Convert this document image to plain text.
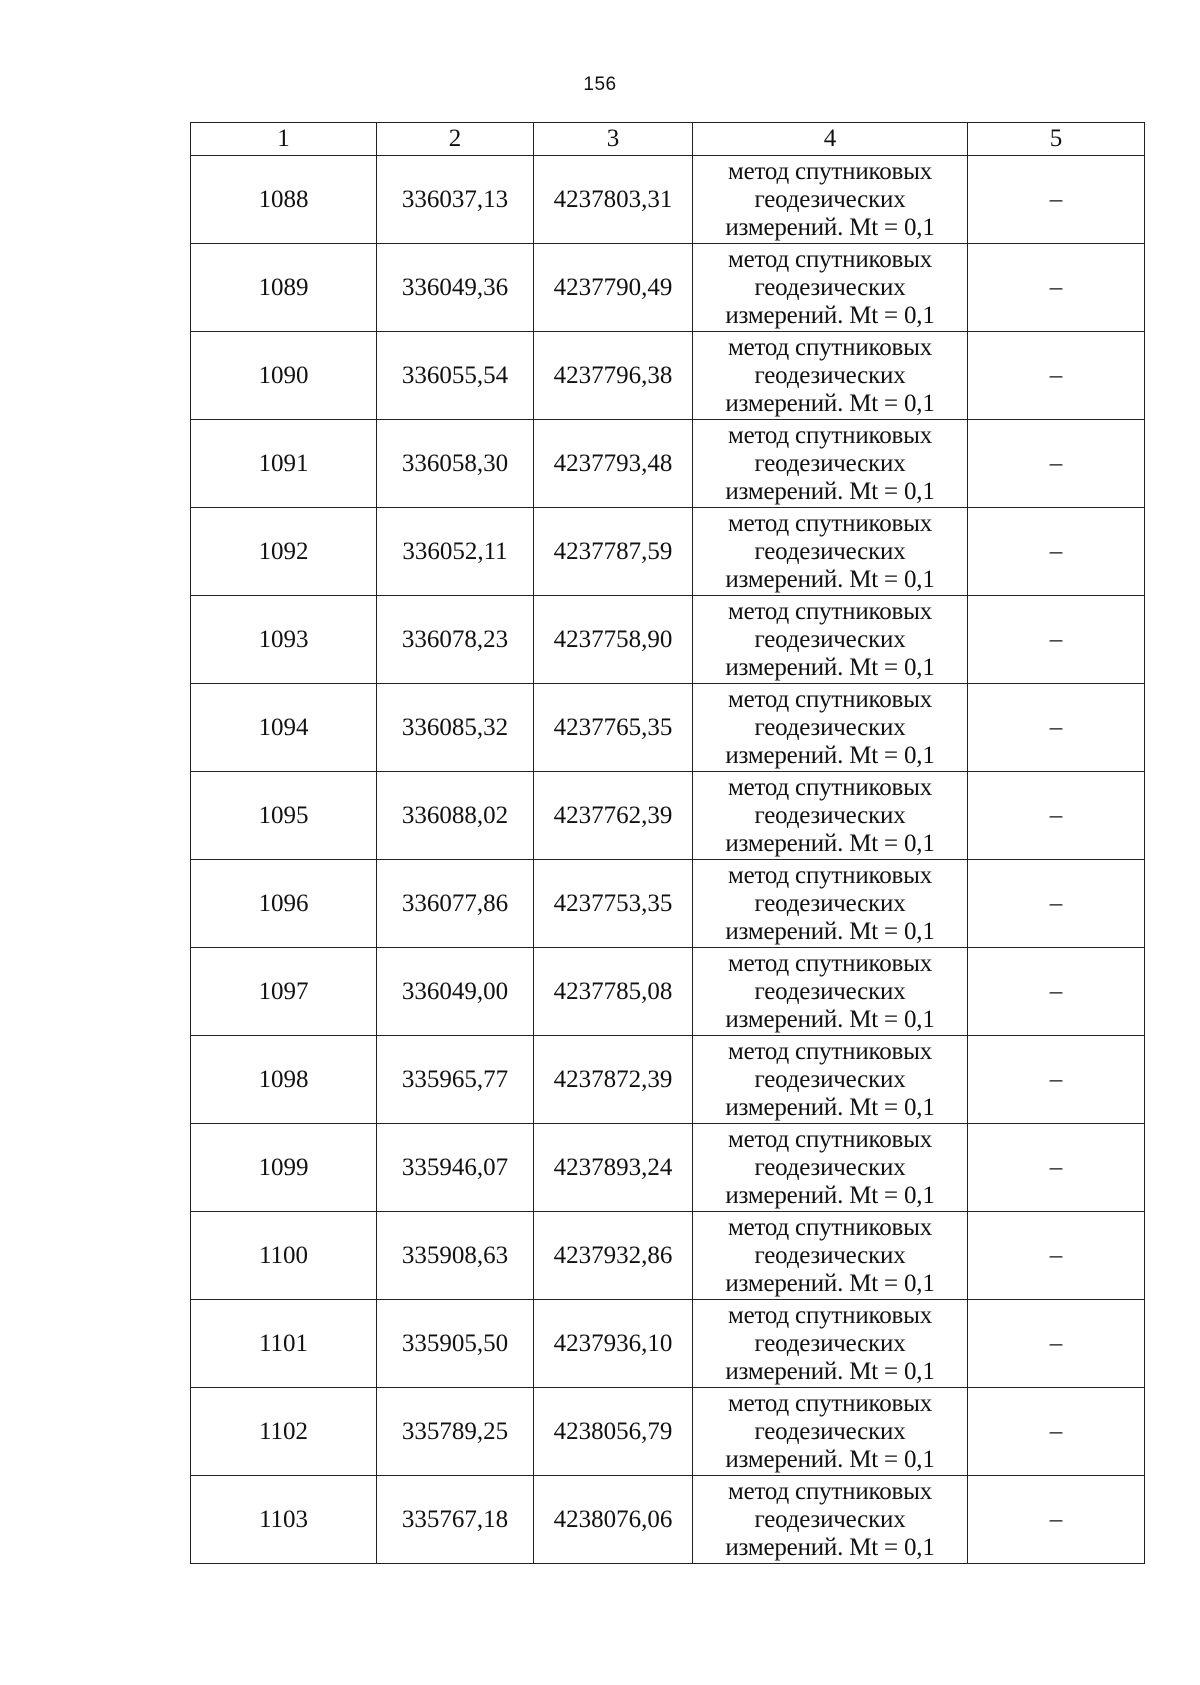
156
1	2	3	4	5
1088	336037,13	4237803,31	метод спутниковых
геодезических
измерений. Mt = 0,1	–
1089	336049,36	4237790,49	метод спутниковых
геодезических
измерений. Mt = 0,1	–
1090	336055,54	4237796,38	метод спутниковых
геодезических
измерений. Mt = 0,1	–
1091	336058,30	4237793,48	метод спутниковых
геодезических
измерений. Mt = 0,1	–
1092	336052,11	4237787,59	метод спутниковых
геодезических
измерений. Mt = 0,1	–
1093	336078,23	4237758,90	метод спутниковых
геодезических
измерений. Mt = 0,1	–
1094	336085,32	4237765,35	метод спутниковых
геодезических
измерений. Mt = 0,1	–
1095	336088,02	4237762,39	метод спутниковых
геодезических
измерений. Mt = 0,1	–
1096	336077,86	4237753,35	метод спутниковых
геодезических
измерений. Mt = 0,1	–
1097	336049,00	4237785,08	метод спутниковых
геодезических
измерений. Mt = 0,1	–
1098	335965,77	4237872,39	метод спутниковых
геодезических
измерений. Mt = 0,1	–
1099	335946,07	4237893,24	метод спутниковых
геодезических
измерений. Mt = 0,1	–
1100	335908,63	4237932,86	метод спутниковых
геодезических
измерений. Mt = 0,1	–
1101	335905,50	4237936,10	метод спутниковых
геодезических
измерений. Mt = 0,1	–
1102	335789,25	4238056,79	метод спутниковых
геодезических
измерений. Mt = 0,1	–
1103	335767,18	4238076,06	метод спутниковых
геодезических
измерений. Mt = 0,1	–
